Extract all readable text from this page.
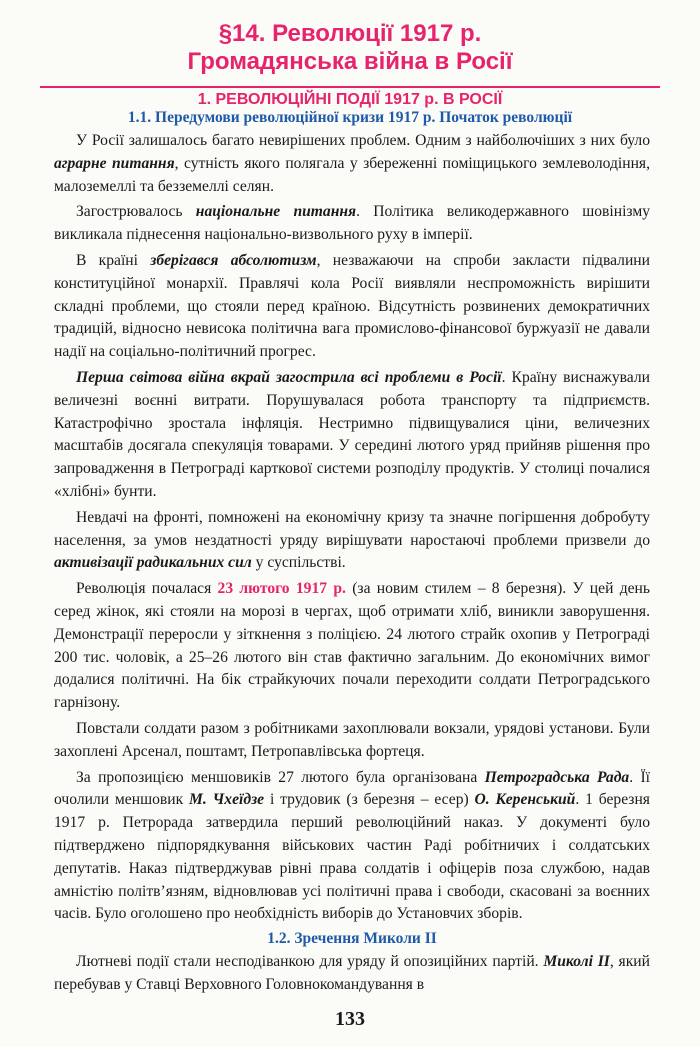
§14. Революції 1917 р.
Громадянська війна в Росії
1. РЕВОЛЮЦІЙНІ ПОДІЇ 1917 р. В РОСІЇ
1.1. Передумови революційної кризи 1917 р. Початок революції

У Росії залишалось багато невирішених проблем. Одним з найболючіших з них було аграрне питання, сутність якого полягала у збереженні поміщицького землеволодіння, малоземеллі та безземеллі селян.

Загострювалось національне питання. Політика великодержавного шовінізму викликала піднесення національно-визвольного руху в імперії.

В країні зберігався абсолютизм, незважаючи на спроби закласти підвалини конституційної монархії. Правлячі кола Росії виявляли неспроможність вирішити складні проблеми, що стояли перед країною. Відсутність розвинених демократичних традицій, відносно невисока політична вага промислово-фінансової буржуазії не давали надії на соціально-політичний прогрес.

Перша світова війна вкрай загострила всі проблеми в Росії. Країну виснажували величезні воєнні витрати. Порушувалася робота транспорту та підприємств. Катастрофічно зростала інфляція. Нестримно підвищувалися ціни, величезних масштабів досягала спекуляція товарами. У середині лютого уряд прийняв рішення про запровадження в Петрограді карткової системи розподілу продуктів. У столиці почалися «хлібні» бунти.

Невдачі на фронті, помножені на економічну кризу та значне погіршення добробуту населення, за умов нездатності уряду вирішувати наростаючі проблеми призвели до активізації радикальних сил у суспільстві.

Революція почалася 23 лютого 1917 р. (за новим стилем – 8 березня). У цей день серед жінок, які стояли на морозі в чергах, щоб отримати хліб, виникли заворушення. Демонстрації переросли у зіткнення з поліцією. 24 лютого страйк охопив у Петрограді 200 тис. чоловік, а 25–26 лютого він став фактично загальним. До економічних вимог додалися політичні. На бік страйкуючих почали переходити солдати Петроградського гарнізону.

Повстали солдати разом з робітниками захоплювали вокзали, урядові установи. Були захоплені Арсенал, поштамт, Петропавлівська фортеця.

За пропозицією меншовиків 27 лютого була організована Петроградська Рада. Її очолили меншовик М. Чхеїдзе і трудовик (з березня – есер) О. Керенський. 1 березня 1917 р. Петрорада затвердила перший революційний наказ. У документі було підтверджено підпорядкування військових частин Раді робітничих і солдатських депутатів. Наказ підтверджував рівні права солдатів і офіцерів поза службою, надав амністію політв’язням, відновлював усі політичні права і свободи, скасовані за воєнних часів. Було оголошено про необхідність виборів до Установчих зборів.

1.2. Зречення Миколи II

Лютневі події стали несподіванкою для уряду й опозиційних партій. Миколі II, який перебував у Ставці Верховного Головнокомандування в

133
